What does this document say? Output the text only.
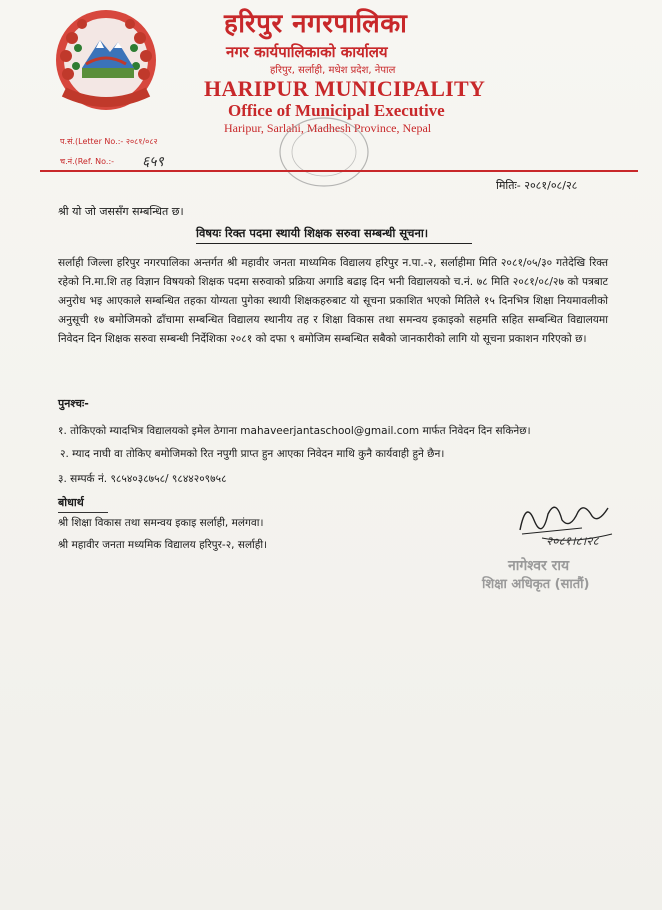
हरिपुर नगरपालिका
नगर कार्यपालिकाको कार्यालय
हरिपुर, सर्लाही, मधेश प्रदेश, नेपाल
HARIPUR MUNICIPALITY
Office of Municipal Executive
Haripur, Sarlahi, Madhesh Province, Nepal
प.सं.(Letter No.:- २०८१/०८२
च.नं.(Ref. No.:- ६५९
मितिः- २०८१/०८/२८
श्री यो जो जससँग सम्बन्धित छ।
विषयः रिक्त पदमा स्थायी शिक्षक सरुवा सम्बन्धी सूचना।
सर्लाही जिल्ला हरिपुर नगरपालिका अन्तर्गत श्री महावीर जनता माध्यमिक विद्यालय हरिपुर न.पा.-२, सर्लाहीमा मिति २०८१/०५/३० गतेदेखि रिक्त रहेको नि.मा.शि तह विज्ञान विषयको शिक्षक पदमा सरुवाको प्रक्रिया अगाडि बढाइ दिन भनी विद्यालयको च.नं. ७८ मिति २०८१/०८/२७ को पत्रबाट अनुरोध भइ आएकाले सम्बन्धित तहका योग्यता पुगेका स्थायी शिक्षकहरुबाट यो सूचना प्रकाशित भएको मितिले १५ दिनभित्र शिक्षा नियमावलीको अनुसूची १७ बमोजिमको ढाँचामा सम्बन्धित विद्यालय स्थानीय तह र शिक्षा विकास तथा समन्वय इकाइको सहमति सहित सम्बन्धित विद्यालयमा निवेदन दिन शिक्षक सरुवा सम्बन्धी निर्देशिका २०८१ को दफा ९ बमोजिम सम्बन्धित सबैको जानकारीको लागि यो सूचना प्रकाशन गरिएको छ।
पुनश्चः-
१. तोकिएको म्यादभित्र विद्यालयको इमेल ठेगाना mahaveerjantaschool@gmail.com मार्फत निवेदन दिन सकिनेछ।
२. म्याद नाघी वा तोकिए बमोजिमको रित नपुगी प्राप्त हुन आएका निवेदन माथि कुनै कार्यवाही हुने छैन।
३. सम्पर्क नं. ९८५४०३८७५८/ ९८४४२०९७५८
बोधार्थ
श्री शिक्षा विकास तथा समन्वय इकाइ सर्लाही, मलंगवा।
श्री महावीर जनता मध्यमिक विद्यालय हरिपुर-२, सर्लाही।	२०८१।८।२८
नागेश्वर राय
शिक्षा अधिकृत (सातौं)
